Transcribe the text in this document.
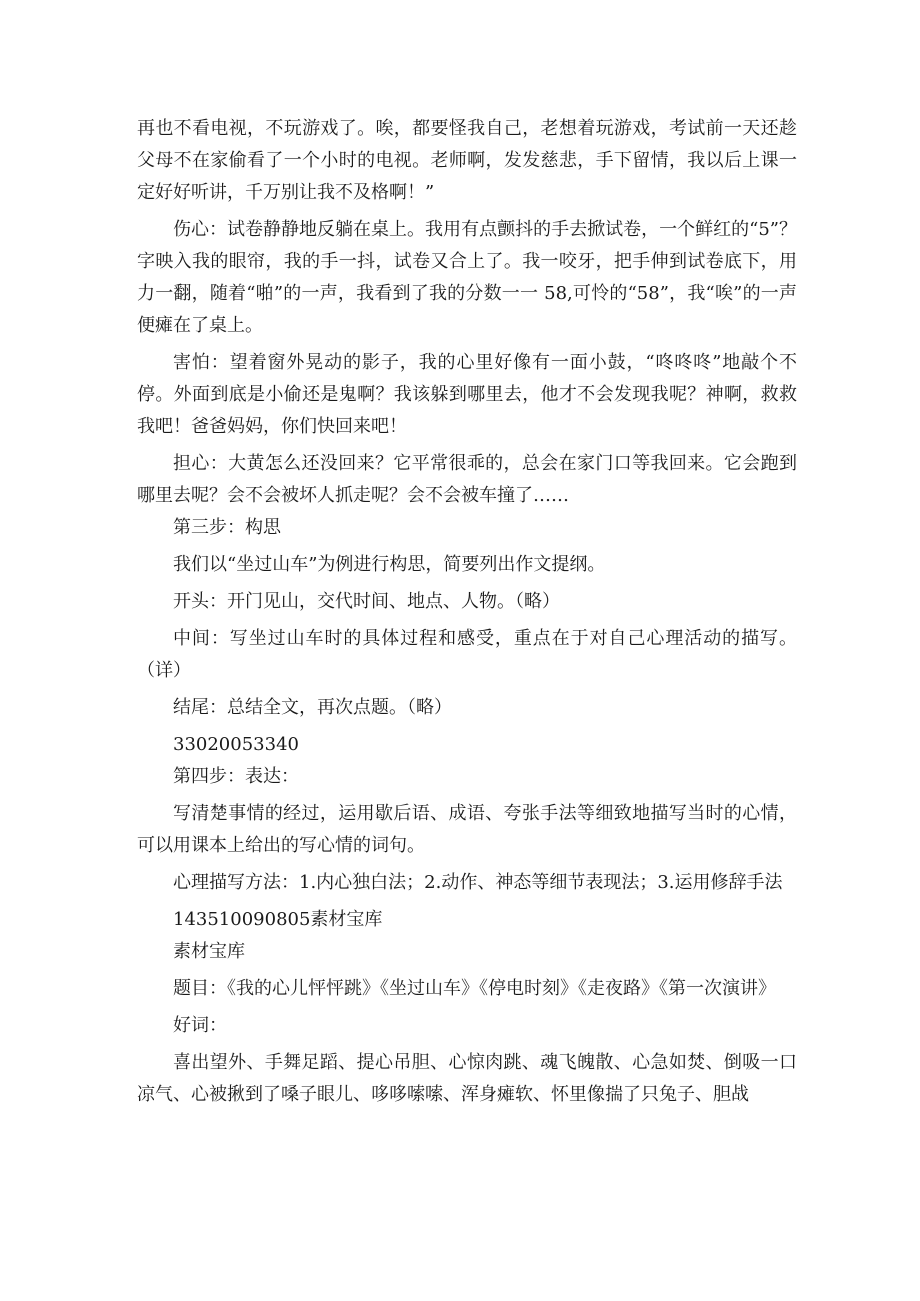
再也不看电视，不玩游戏了。唉，都要怪我自己，老想着玩游戏，考试前一天还趁父母不在家偷看了一个小时的电视。老师啊，发发慈悲，手下留情，我以后上课一定好好听讲，千万别让我不及格啊！”

伤心：试卷静静地反躺在桌上。我用有点颤抖的手去掀试卷，一个鲜红的“5”？字映入我的眼帘，我的手一抖，试卷又合上了。我一咬牙，把手伸到试卷底下，用力一翻，随着“啪”的一声，我看到了我的分数一一 58,可怜的“58”，我“唉”的一声便瘫在了桌上。

害怕：望着窗外晃动的影子，我的心里好像有一面小鼓，“咚咚咚”地敲个不停。外面到底是小偷还是鬼啊？我该躲到哪里去，他才不会发现我呢？神啊，救救我吧！爸爸妈妈，你们快回来吧！

担心：大黄怎么还没回来？它平常很乖的，总会在家门口等我回来。它会跑到哪里去呢？会不会被坏人抓走呢？会不会被车撞了……

第三步：构思

我们以“坐过山车”为例进行构思，简要列出作文提纲。

开头：开门见山，交代时间、地点、人物。（略）

中间：写坐过山车时的具体过程和感受，重点在于对自己心理活动的描写。（详）

结尾：总结全文，再次点题。（略）

33020053340

第四步：表达：

写清楚事情的经过，运用歇后语、成语、夸张手法等细致地描写当时的心情，可以用课本上给出的写心情的词句。

心理描写方法：1.内心独白法；2.动作、神态等细节表现法；3.运用修辞手法

143510090805素材宝库

素材宝库

题目：《我的心儿怦怦跳》《坐过山车》《停电时刻》《走夜路》《第一次演讲》

好词：

喜出望外、手舞足蹈、提心吊胆、心惊肉跳、魂飞魄散、心急如焚、倒吸一口凉气、心被揪到了嗓子眼儿、哆哆嗦嗦、浑身瘫软、怀里像揣了只兔子、胆战
